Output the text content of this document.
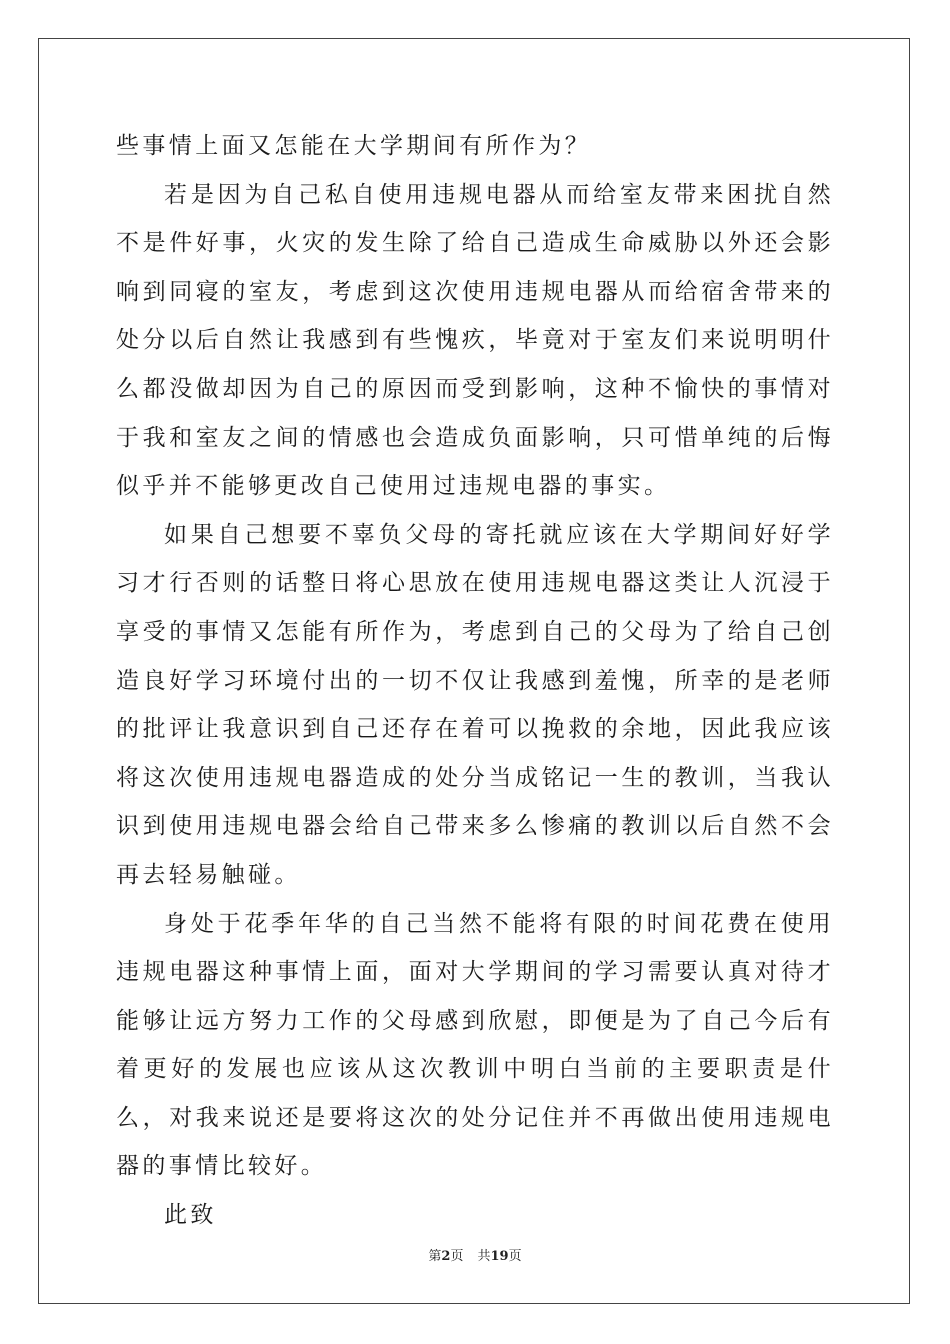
些事情上面又怎能在大学期间有所作为？

若是因为自己私自使用违规电器从而给室友带来困扰自然不是件好事，火灾的发生除了给自己造成生命威胁以外还会影响到同寝的室友，考虑到这次使用违规电器从而给宿舍带来的处分以后自然让我感到有些愧疚，毕竟对于室友们来说明明什么都没做却因为自己的原因而受到影响，这种不愉快的事情对于我和室友之间的情感也会造成负面影响，只可惜单纯的后悔似乎并不能够更改自己使用过违规电器的事实。

如果自己想要不辜负父母的寄托就应该在大学期间好好学习才行否则的话整日将心思放在使用违规电器这类让人沉浸于享受的事情又怎能有所作为，考虑到自己的父母为了给自己创造良好学习环境付出的一切不仅让我感到羞愧，所幸的是老师的批评让我意识到自己还存在着可以挽救的余地，因此我应该将这次使用违规电器造成的处分当成铭记一生的教训，当我认识到使用违规电器会给自己带来多么惨痛的教训以后自然不会再去轻易触碰。

身处于花季年华的自己当然不能将有限的时间花费在使用违规电器这种事情上面，面对大学期间的学习需要认真对待才能够让远方努力工作的父母感到欣慰，即便是为了自己今后有着更好的发展也应该从这次教训中明白当前的主要职责是什么，对我来说还是要将这次的处分记住并不再做出使用违规电器的事情比较好。

此致

第2页 共19页
